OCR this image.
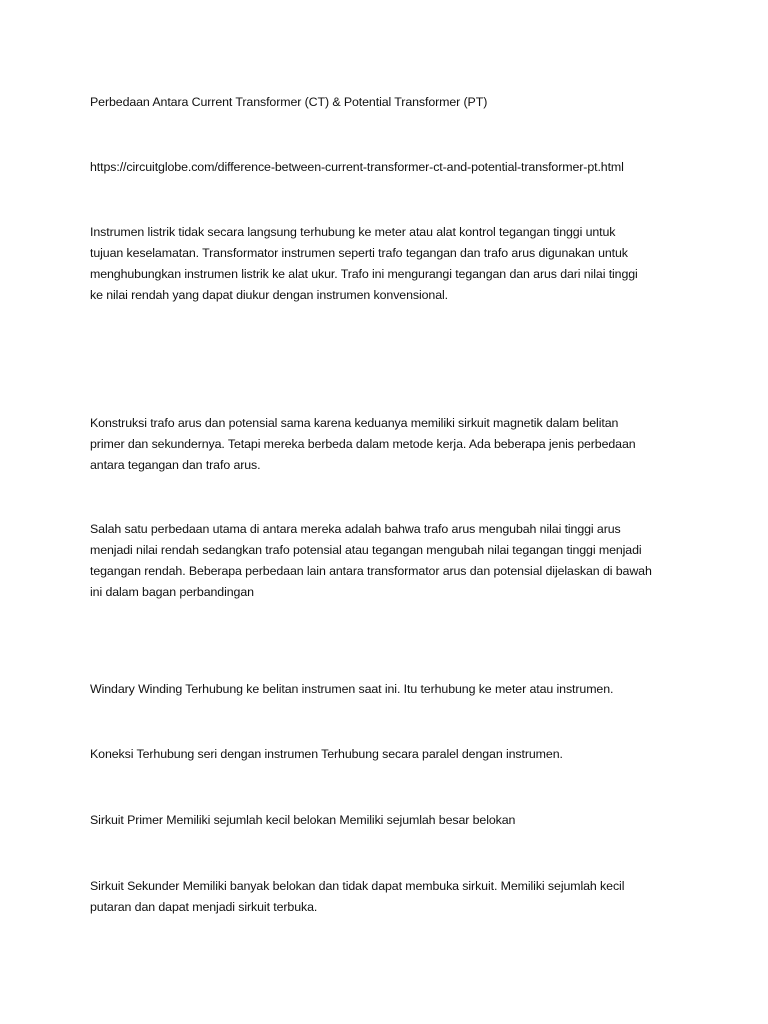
Perbedaan Antara Current Transformer (CT) & Potential Transformer (PT)

https://circuitglobe.com/difference-between-current-transformer-ct-and-potential-transformer-pt.html

Instrumen listrik tidak secara langsung terhubung ke meter atau alat kontrol tegangan tinggi untuk
tujuan keselamatan. Transformator instrumen seperti trafo tegangan dan trafo arus digunakan untuk
menghubungkan instrumen listrik ke alat ukur. Trafo ini mengurangi tegangan dan arus dari nilai tinggi
ke nilai rendah yang dapat diukur dengan instrumen konvensional.

Konstruksi trafo arus dan potensial sama karena keduanya memiliki sirkuit magnetik dalam belitan
primer dan sekundernya. Tetapi mereka berbeda dalam metode kerja. Ada beberapa jenis perbedaan
antara tegangan dan trafo arus.

Salah satu perbedaan utama di antara mereka adalah bahwa trafo arus mengubah nilai tinggi arus
menjadi nilai rendah sedangkan trafo potensial atau tegangan mengubah nilai tegangan tinggi menjadi
tegangan rendah. Beberapa perbedaan lain antara transformator arus dan potensial dijelaskan di bawah
ini dalam bagan perbandingan

Windary Winding Terhubung ke belitan instrumen saat ini. Itu terhubung ke meter atau instrumen.

Koneksi Terhubung seri dengan instrumen Terhubung secara paralel dengan instrumen.

Sirkuit Primer Memiliki sejumlah kecil belokan Memiliki sejumlah besar belokan

Sirkuit Sekunder Memiliki banyak belokan dan tidak dapat membuka sirkuit. Memiliki sejumlah kecil
putaran dan dapat menjadi sirkuit terbuka.
